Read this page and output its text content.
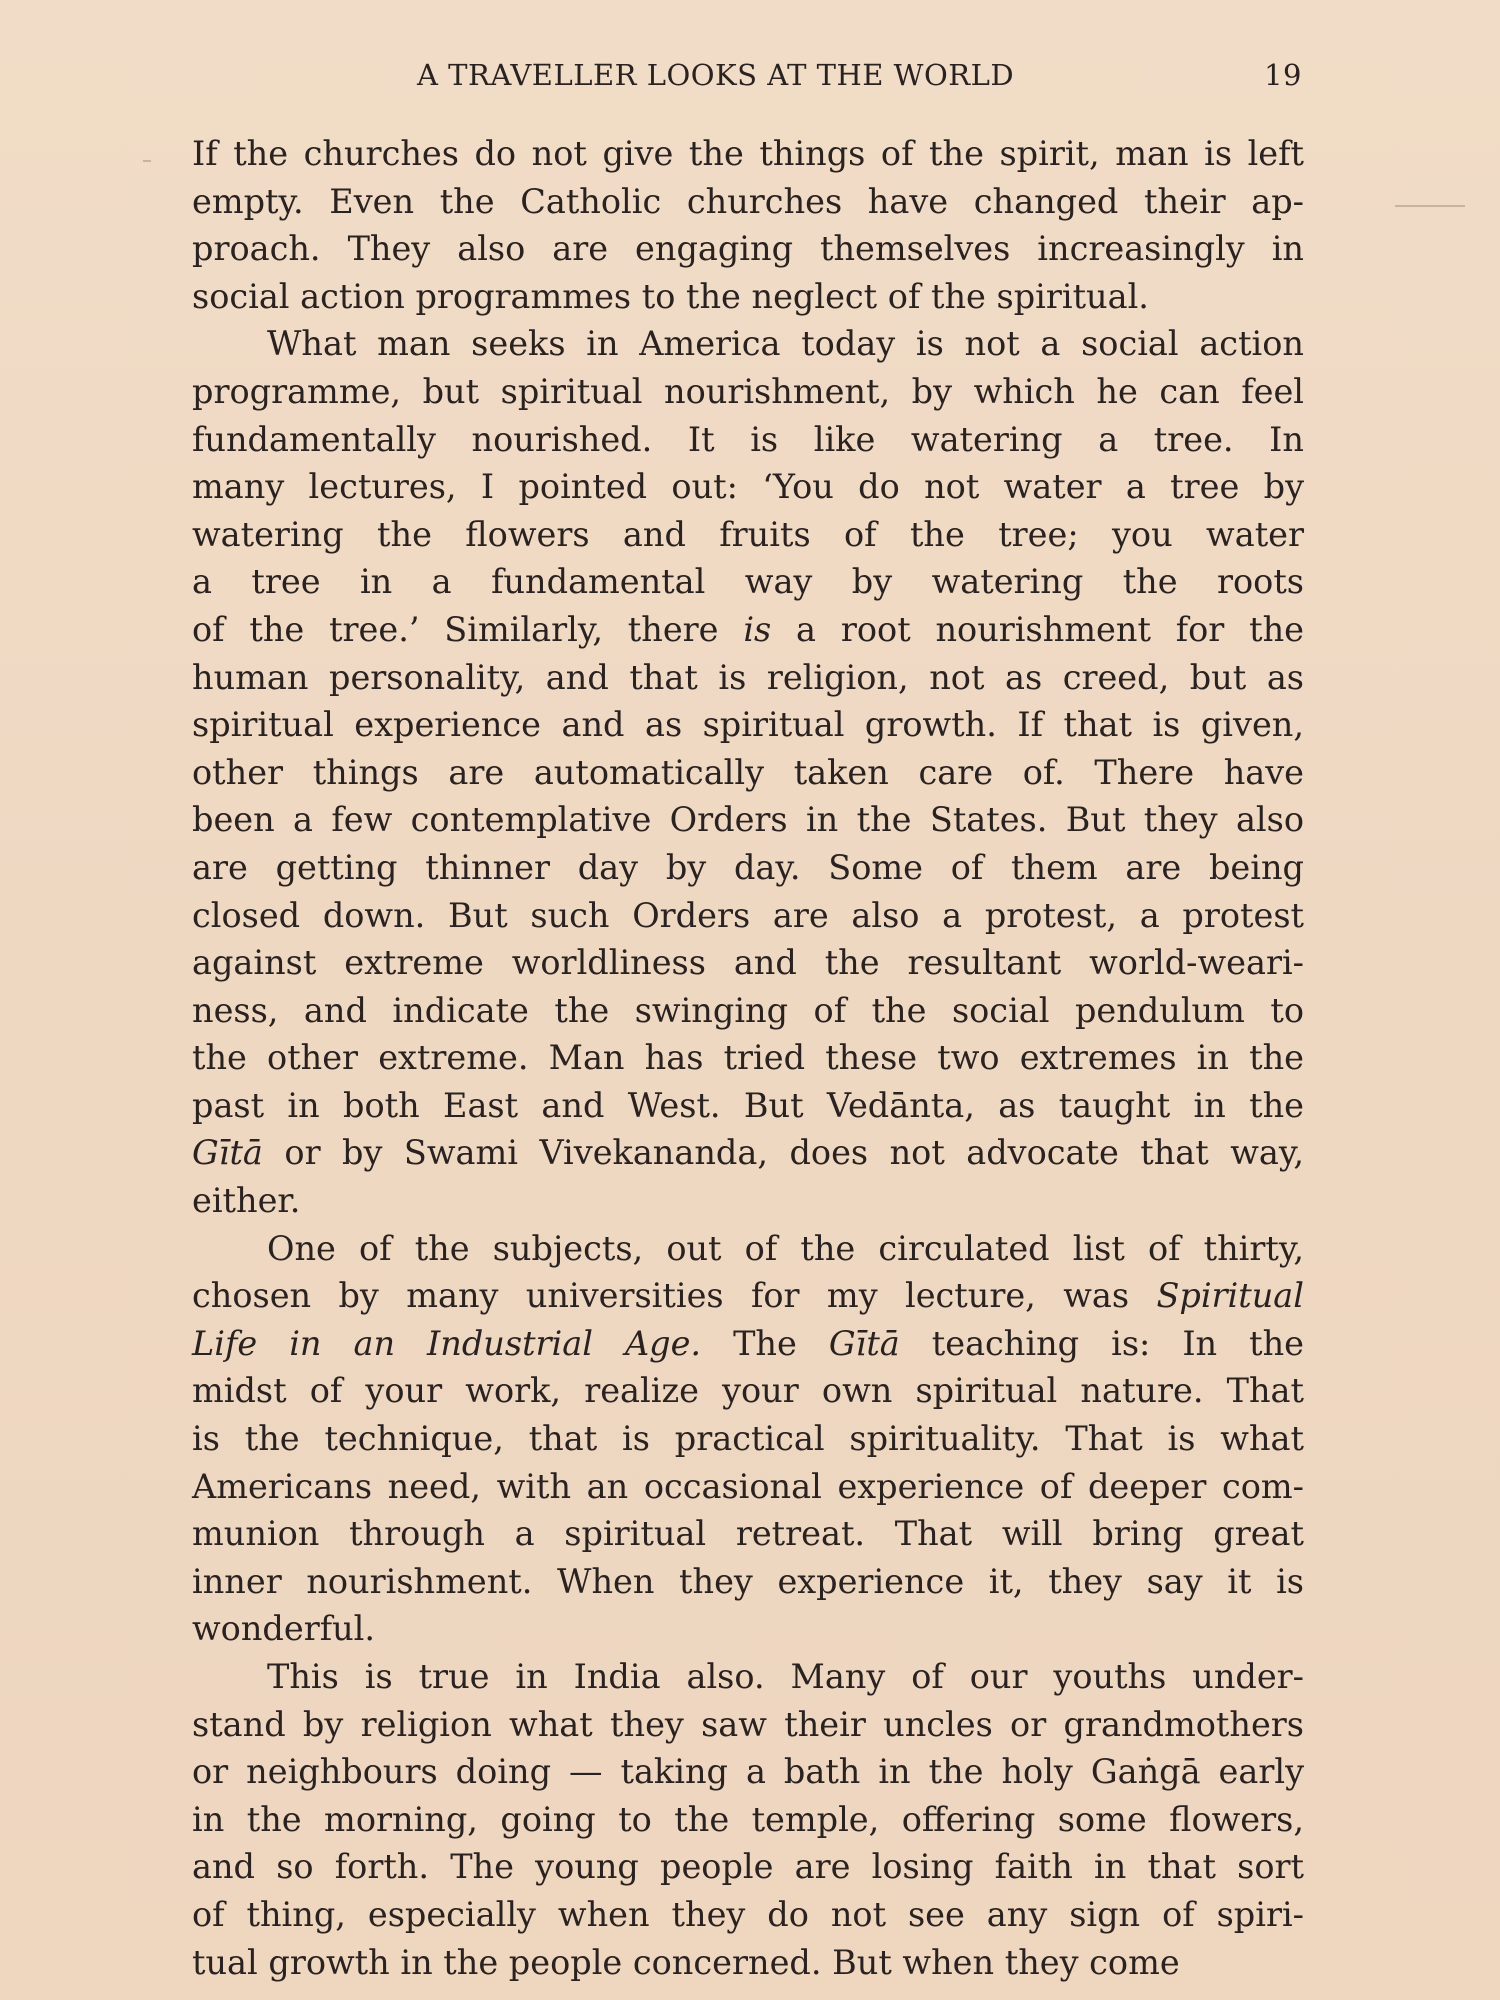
A TRAVELLER LOOKS AT THE WORLD	19
If the churches do not give the things of the spirit, man is left
empty. Even the Catholic churches have changed their ap-
proach. They also are engaging themselves increasingly in
social action programmes to the neglect of the spiritual.
What man seeks in America today is not a social action
programme, but spiritual nourishment, by which he can feel
fundamentally nourished. It is like watering a tree. In
many lectures, I pointed out: ‘You do not water a tree by
watering the flowers and fruits of the tree; you water
a tree in a fundamental way by watering the roots
of the tree.’ Similarly, there is a root nourishment for the
human personality, and that is religion, not as creed, but as
spiritual experience and as spiritual growth. If that is given,
other things are automatically taken care of. There have
been a few contemplative Orders in the States. But they also
are getting thinner day by day. Some of them are being
closed down. But such Orders are also a protest, a protest
against extreme worldliness and the resultant world-weari-
ness, and indicate the swinging of the social pendulum to
the other extreme. Man has tried these two extremes in the
past in both East and West. But Vedānta, as taught in the
Gītā or by Swami Vivekananda, does not advocate that way,
either.
One of the subjects, out of the circulated list of thirty,
chosen by many universities for my lecture, was Spiritual
Life in an Industrial Age. The Gītā teaching is: In the
midst of your work, realize your own spiritual nature. That
is the technique, that is practical spirituality. That is what
Americans need, with an occasional experience of deeper com-
munion through a spiritual retreat. That will bring great
inner nourishment. When they experience it, they say it is
wonderful.
This is true in India also. Many of our youths under-
stand by religion what they saw their uncles or grandmothers
or neighbours doing — taking a bath in the holy Gaṅgā early
in the morning, going to the temple, offering some flowers,
and so forth. The young people are losing faith in that sort
of thing, especially when they do not see any sign of spiri-
tual growth in the people concerned. But when they come
